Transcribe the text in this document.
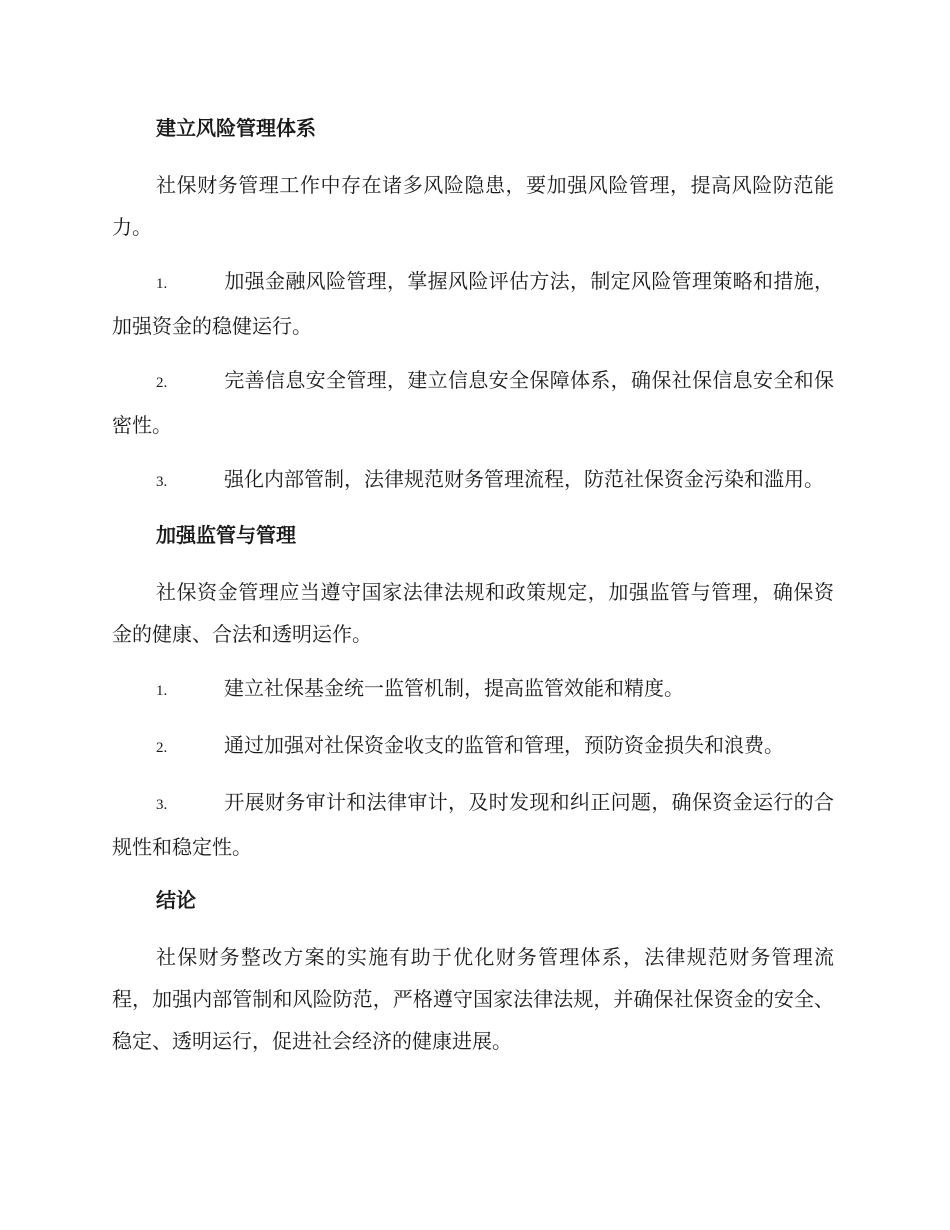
建立风险管理体系

社保财务管理工作中存在诸多风险隐患，要加强风险管理，提高风险防范能力。

1.	加强金融风险管理，掌握风险评估方法，制定风险管理策略和措施，加强资金的稳健运行。

2.	完善信息安全管理，建立信息安全保障体系，确保社保信息安全和保密性。

3.	强化内部管制，法律规范财务管理流程，防范社保资金污染和滥用。

加强监管与管理

社保资金管理应当遵守国家法律法规和政策规定，加强监管与管理，确保资金的健康、合法和透明运作。

1.	建立社保基金统一监管机制，提高监管效能和精度。

2.	通过加强对社保资金收支的监管和管理，预防资金损失和浪费。

3.	开展财务审计和法律审计，及时发现和纠正问题，确保资金运行的合规性和稳定性。

结论

社保财务整改方案的实施有助于优化财务管理体系，法律规范财务管理流程，加强内部管制和风险防范，严格遵守国家法律法规，并确保社保资金的安全、稳定、透明运行，促进社会经济的健康进展。
